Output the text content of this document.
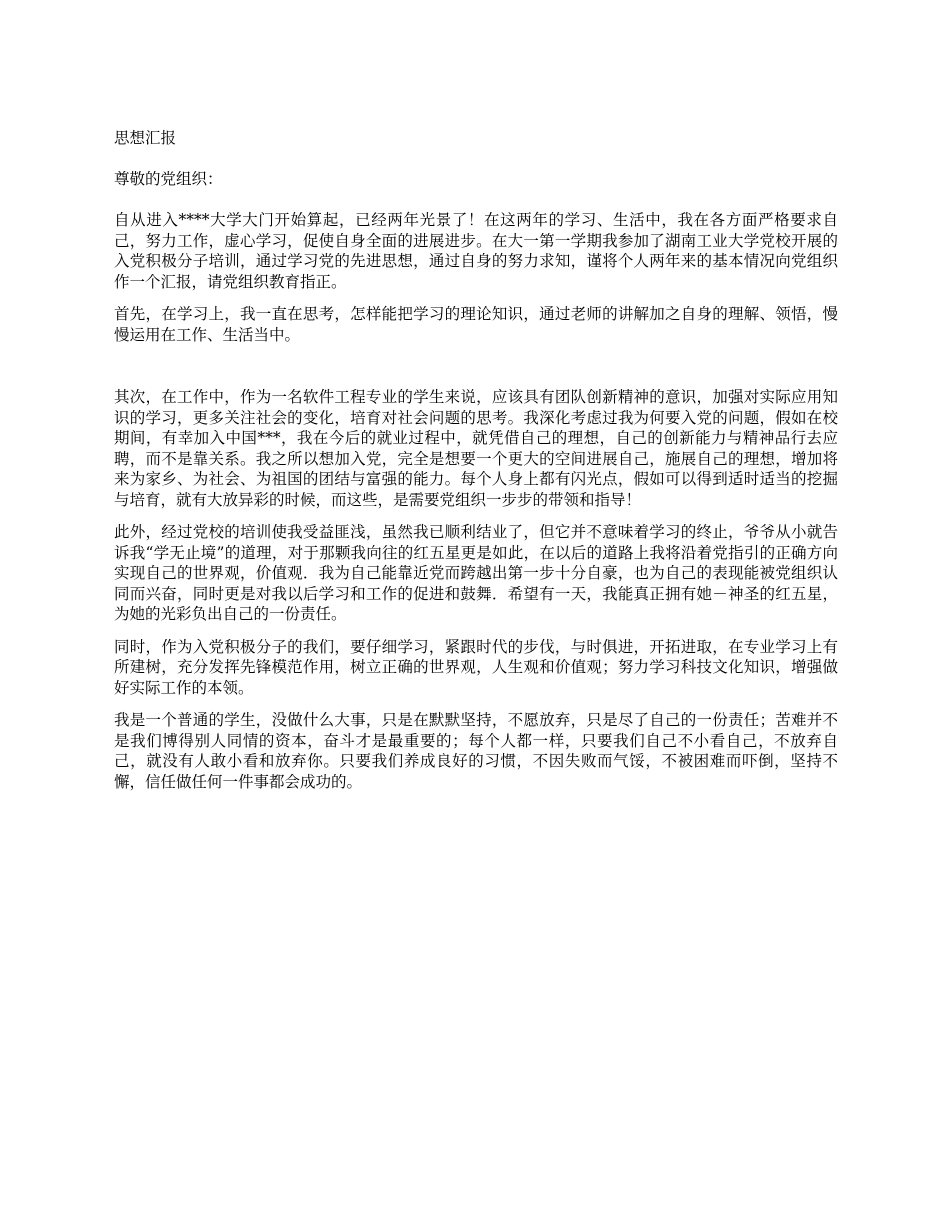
思想汇报

尊敬的党组织：

自从进入****大学大门开始算起，已经两年光景了！在这两年的学习、生活中，我在各方面严格要求自己，努力工作，虚心学习，促使自身全面的进展进步。在大一第一学期我参加了湖南工业大学党校开展的入党积极分子培训，通过学习党的先进思想，通过自身的努力求知，谨将个人两年来的基本情况向党组织作一个汇报，请党组织教育指正。

首先，在学习上，我一直在思考，怎样能把学习的理论知识，通过老师的讲解加之自身的理解、领悟，慢慢运用在工作、生活当中。

其次，在工作中，作为一名软件工程专业的学生来说，应该具有团队创新精神的意识，加强对实际应用知识的学习，更多关注社会的变化，培育对社会问题的思考。我深化考虑过我为何要入党的问题，假如在校期间，有幸加入中国***，我在今后的就业过程中，就凭借自己的理想，自己的创新能力与精神品行去应聘，而不是靠关系。我之所以想加入党，完全是想要一个更大的空间进展自己，施展自己的理想，增加将来为家乡、为社会、为祖国的团结与富强的能力。每个人身上都有闪光点，假如可以得到适时适当的挖掘与培育，就有大放异彩的时候，而这些，是需要党组织一步步的带领和指导！

此外，经过党校的培训使我受益匪浅，虽然我已顺利结业了，但它并不意味着学习的终止，爷爷从小就告诉我“学无止境”的道理，对于那颗我向往的红五星更是如此，在以后的道路上我将沿着党指引的正确方向实现自己的世界观，价值观．我为自己能靠近党而跨越出第一步十分自豪，也为自己的表现能被党组织认同而兴奋，同时更是对我以后学习和工作的促进和鼓舞．希望有一天，我能真正拥有她－神圣的红五星，为她的光彩负出自己的一份责任。

同时，作为入党积极分子的我们，要仔细学习，紧跟时代的步伐，与时俱进，开拓进取，在专业学习上有所建树，充分发挥先锋模范作用，树立正确的世界观，人生观和价值观；努力学习科技文化知识，增强做好实际工作的本领。

我是一个普通的学生，没做什么大事，只是在默默坚持，不愿放弃，只是尽了自己的一份责任；苦难并不是我们博得别人同情的资本，奋斗才是最重要的；每个人都一样，只要我们自己不小看自己，不放弃自己，就没有人敢小看和放弃你。只要我们养成良好的习惯，不因失败而气馁，不被困难而吓倒，坚持不懈，信任做任何一件事都会成功的。
